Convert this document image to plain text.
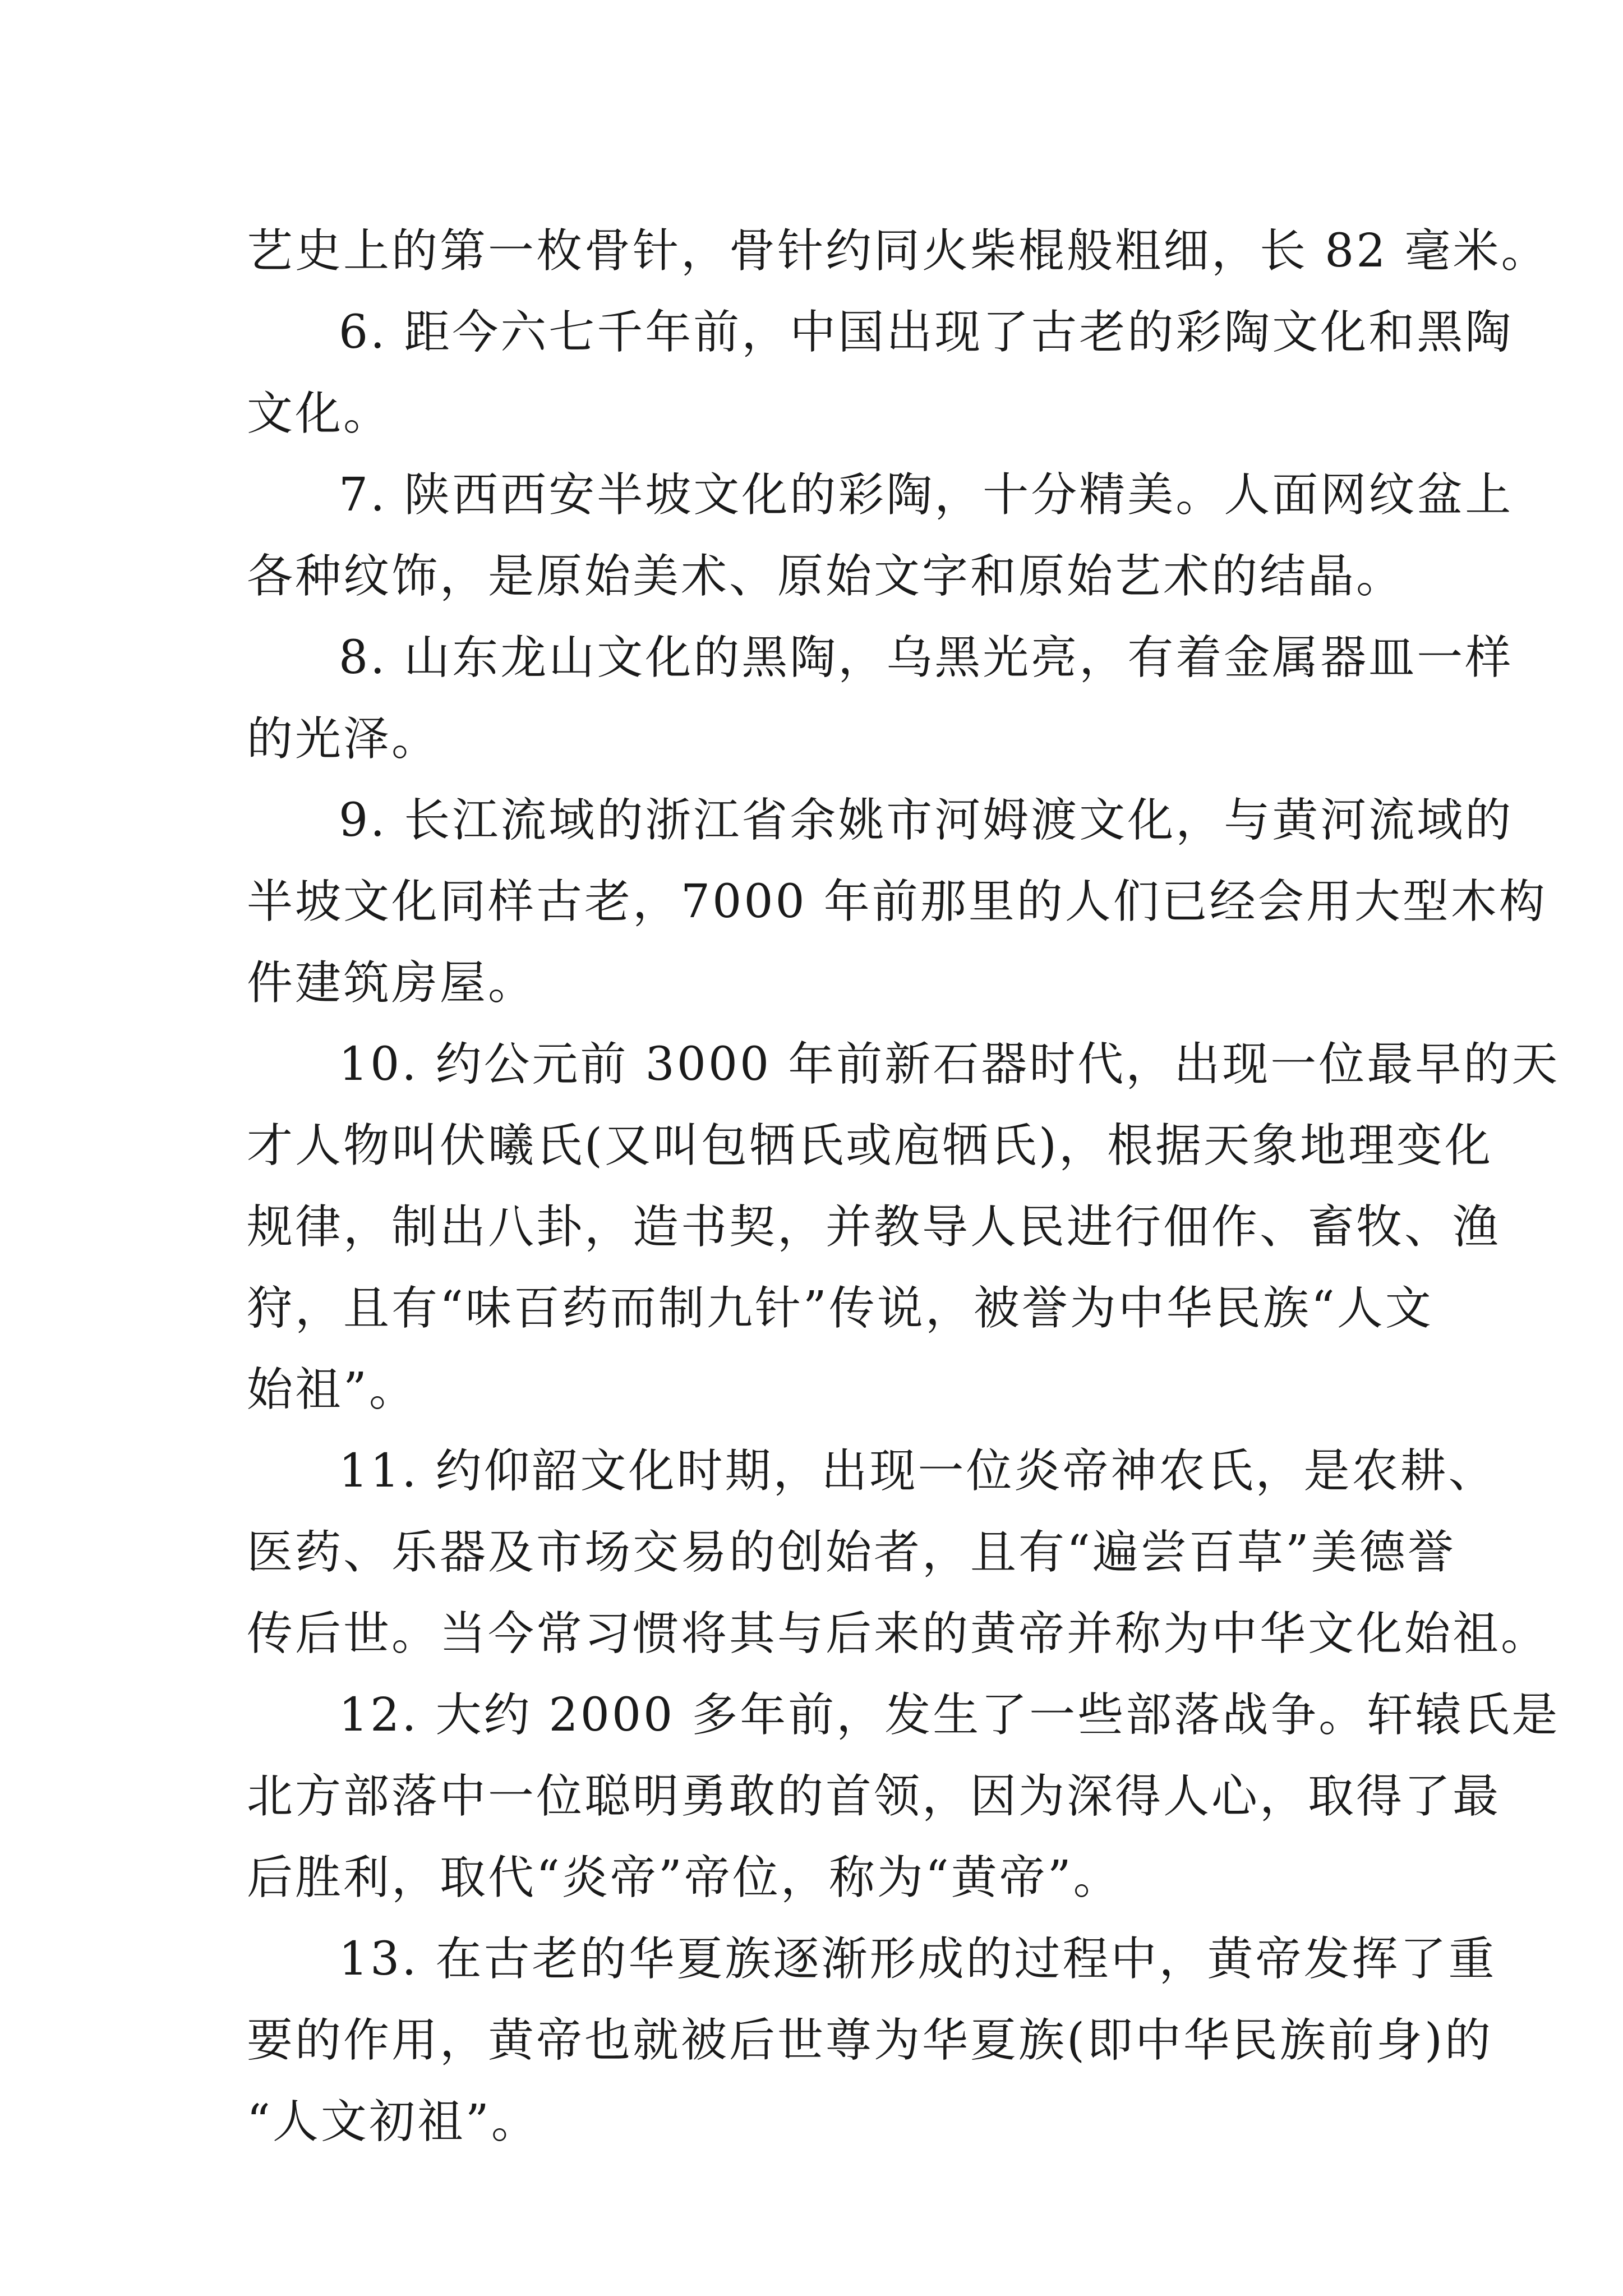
艺史上的第一枚骨针，骨针约同火柴棍般粗细，长 82 毫米。
6. 距今六七千年前，中国出现了古老的彩陶文化和黑陶
文化。
7. 陕西西安半坡文化的彩陶，十分精美。人面网纹盆上
各种纹饰，是原始美术、原始文字和原始艺术的结晶。
8. 山东龙山文化的黑陶，乌黑光亮，有着金属器皿一样
的光泽。
9. 长江流域的浙江省余姚市河姆渡文化，与黄河流域的
半坡文化同样古老，7000 年前那里的人们已经会用大型木构
件建筑房屋。
10. 约公元前 3000 年前新石器时代，出现一位最早的天
才人物叫伏曦氏(又叫包牺氏或庖牺氏)，根据天象地理变化
规律，制出八卦，造书契，并教导人民进行佃作、畜牧、渔
狩，且有“味百药而制九针”传说，被誉为中华民族“人文
始祖”。
11. 约仰韶文化时期，出现一位炎帝神农氏，是农耕、
医药、乐器及市场交易的创始者，且有“遍尝百草”美德誉
传后世。当今常习惯将其与后来的黄帝并称为中华文化始祖。
12. 大约 2000 多年前，发生了一些部落战争。轩辕氏是
北方部落中一位聪明勇敢的首领，因为深得人心，取得了最
后胜利，取代“炎帝”帝位，称为“黄帝”。
13. 在古老的华夏族逐渐形成的过程中，黄帝发挥了重
要的作用，黄帝也就被后世尊为华夏族(即中华民族前身)的
“人文初祖”。
